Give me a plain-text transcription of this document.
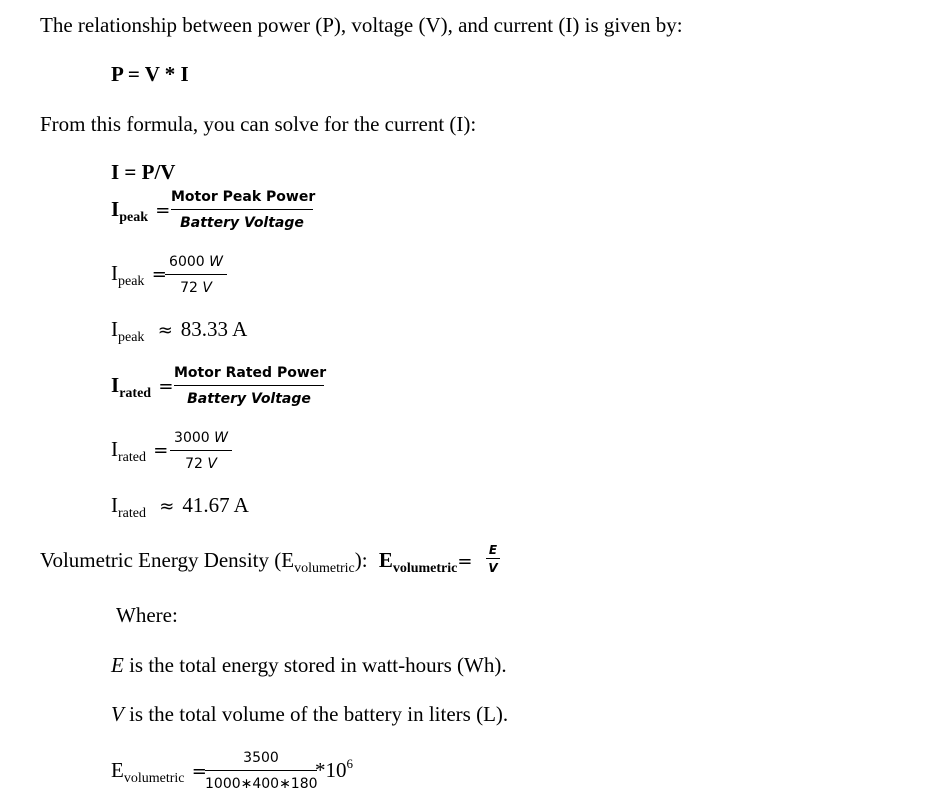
The relationship between power (P), voltage (V), and current (I) is given by:
P = V * I
From this formula, you can solve for the current (I):
I = P/V
$I_{peak}$ =
Motor Peak Power
Battery Voltage
$I_{peak}$ =
$\frac{6000 W}{72 V}$
$I_{peak} \approx 83.33$ A
$I_{rated}$ =
Motor Rated Power
Battery Voltage
$I_{rated} = \frac{3000 W}{72 V}$
$I_{rated} \approx 41.67$ A
Volumetric Energy Density $(E_{volumetric})$: $E_{volumetric}= \frac{E}{V}$
Where:
E is the total energy stored in watt-hours (Wh).
V is the total volume of the battery in liters (L).
$E_{volumetric}$ =
$\frac{3500}{1000∗400∗180}$
$*10^6$
